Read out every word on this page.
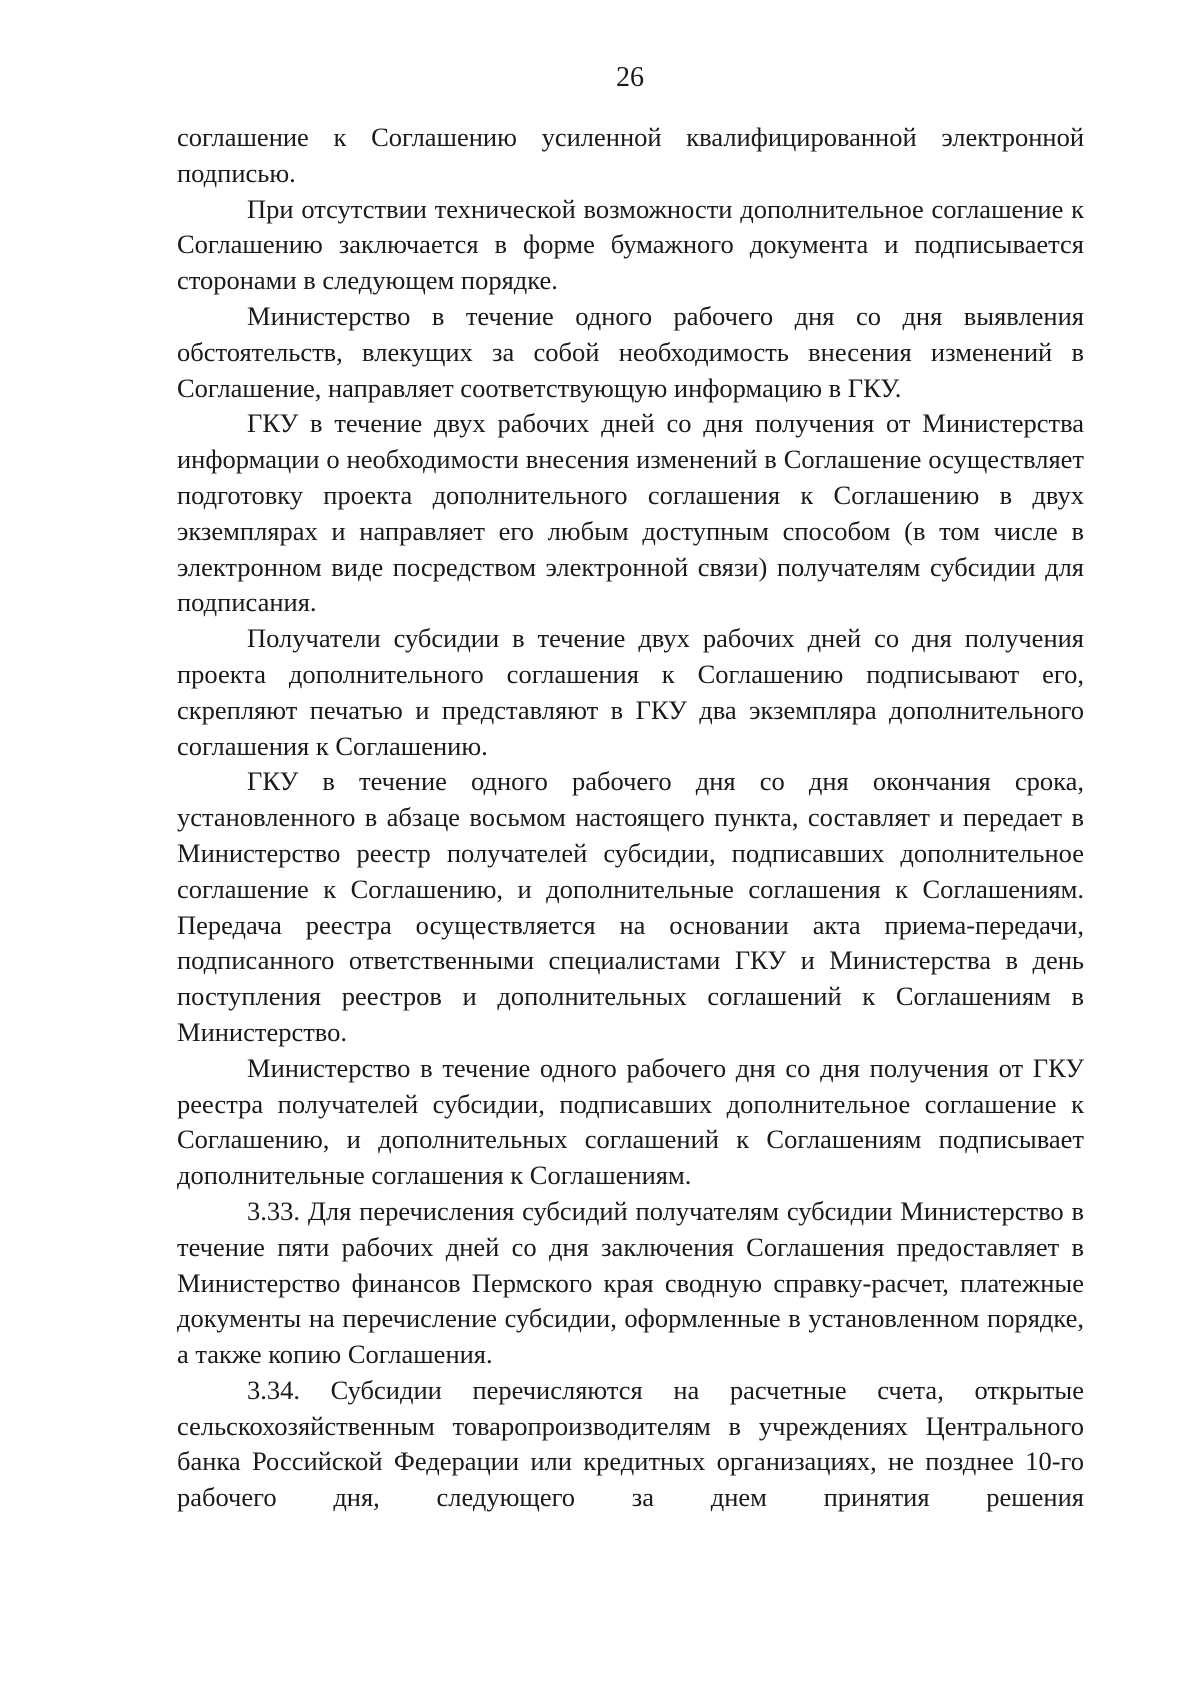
26

соглашение к Соглашению усиленной квалифицированной электронной подписью.

При отсутствии технической возможности дополнительное соглашение к Соглашению заключается в форме бумажного документа и подписывается сторонами в следующем порядке.

Министерство в течение одного рабочего дня со дня выявления обстоятельств, влекущих за собой необходимость внесения изменений в Соглашение, направляет соответствующую информацию в ГКУ.

ГКУ в течение двух рабочих дней со дня получения от Министерства информации о необходимости внесения изменений в Соглашение осуществляет подготовку проекта дополнительного соглашения к Соглашению в двух экземплярах и направляет его любым доступным способом (в том числе в электронном виде посредством электронной связи) получателям субсидии для подписания.

Получатели субсидии в течение двух рабочих дней со дня получения проекта дополнительного соглашения к Соглашению подписывают его, скрепляют печатью и представляют в ГКУ два экземпляра дополнительного соглашения к Соглашению.

ГКУ в течение одного рабочего дня со дня окончания срока, установленного в абзаце восьмом настоящего пункта, составляет и передает в Министерство реестр получателей субсидии, подписавших дополнительное соглашение к Соглашению, и дополнительные соглашения к Соглашениям. Передача реестра осуществляется на основании акта приема-передачи, подписанного ответственными специалистами ГКУ и Министерства в день поступления реестров и дополнительных соглашений к Соглашениям в Министерство.

Министерство в течение одного рабочего дня со дня получения от ГКУ реестра получателей субсидии, подписавших дополнительное соглашение к Соглашению, и дополнительных соглашений к Соглашениям подписывает дополнительные соглашения к Соглашениям.

3.33. Для перечисления субсидий получателям субсидии Министерство в течение пяти рабочих дней со дня заключения Соглашения предоставляет в Министерство финансов Пермского края сводную справку-расчет, платежные документы на перечисление субсидии, оформленные в установленном порядке, а также копию Соглашения.

3.34. Субсидии перечисляются на расчетные счета, открытые сельскохозяйственным товаропроизводителям в учреждениях Центрального банка Российской Федерации или кредитных организациях, не позднее 10-го рабочего дня, следующего за днем принятия решения
